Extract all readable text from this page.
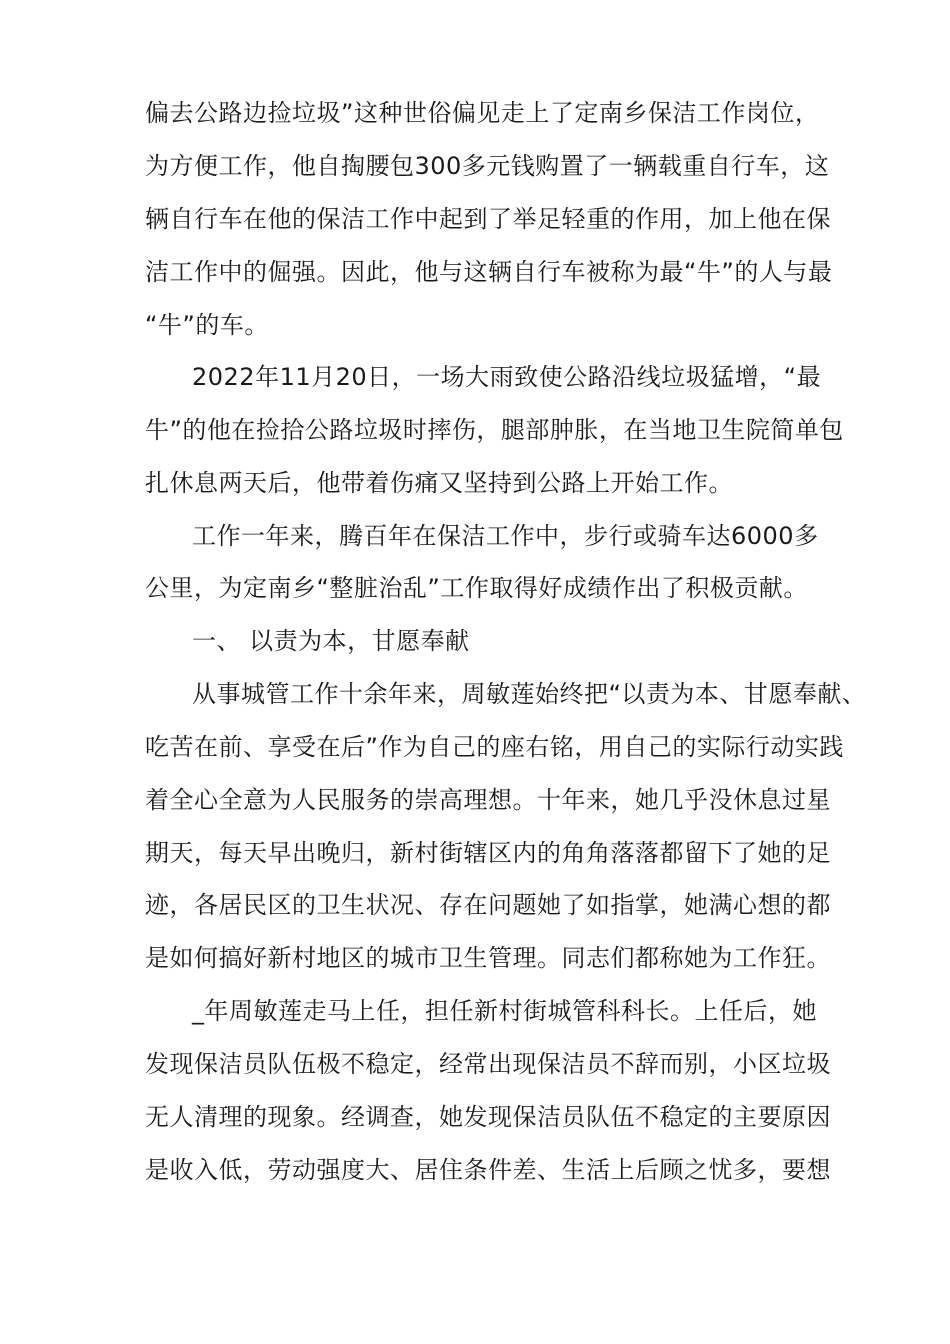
偏去公路边捡垃圾”这种世俗偏见走上了定南乡保洁工作岗位，
为方便工作，他自掏腰包300多元钱购置了一辆载重自行车，这
辆自行车在他的保洁工作中起到了举足轻重的作用，加上他在保
洁工作中的倔强。因此，他与这辆自行车被称为最“牛”的人与最
“牛”的车。
2022年11月20日，一场大雨致使公路沿线垃圾猛增，“最
牛”的他在捡拾公路垃圾时摔伤，腿部肿胀，在当地卫生院简单包
扎休息两天后，他带着伤痛又坚持到公路上开始工作。
工作一年来，腾百年在保洁工作中，步行或骑车达6000多
公里，为定南乡“整脏治乱”工作取得好成绩作出了积极贡献。
一、 以责为本，甘愿奉献
从事城管工作十余年来，周敏莲始终把“以责为本、甘愿奉献、
吃苦在前、享受在后”作为自己的座右铭，用自己的实际行动实践
着全心全意为人民服务的崇高理想。十年来，她几乎没休息过星
期天，每天早出晚归，新村街辖区内的角角落落都留下了她的足
迹，各居民区的卫生状况、存在问题她了如指掌，她满心想的都
是如何搞好新村地区的城市卫生管理。同志们都称她为工作狂。
_年周敏莲走马上任，担任新村街城管科科长。上任后，她
发现保洁员队伍极不稳定，经常出现保洁员不辞而别，小区垃圾
无人清理的现象。经调查，她发现保洁员队伍不稳定的主要原因
是收入低，劳动强度大、居住条件差、生活上后顾之忧多，要想
